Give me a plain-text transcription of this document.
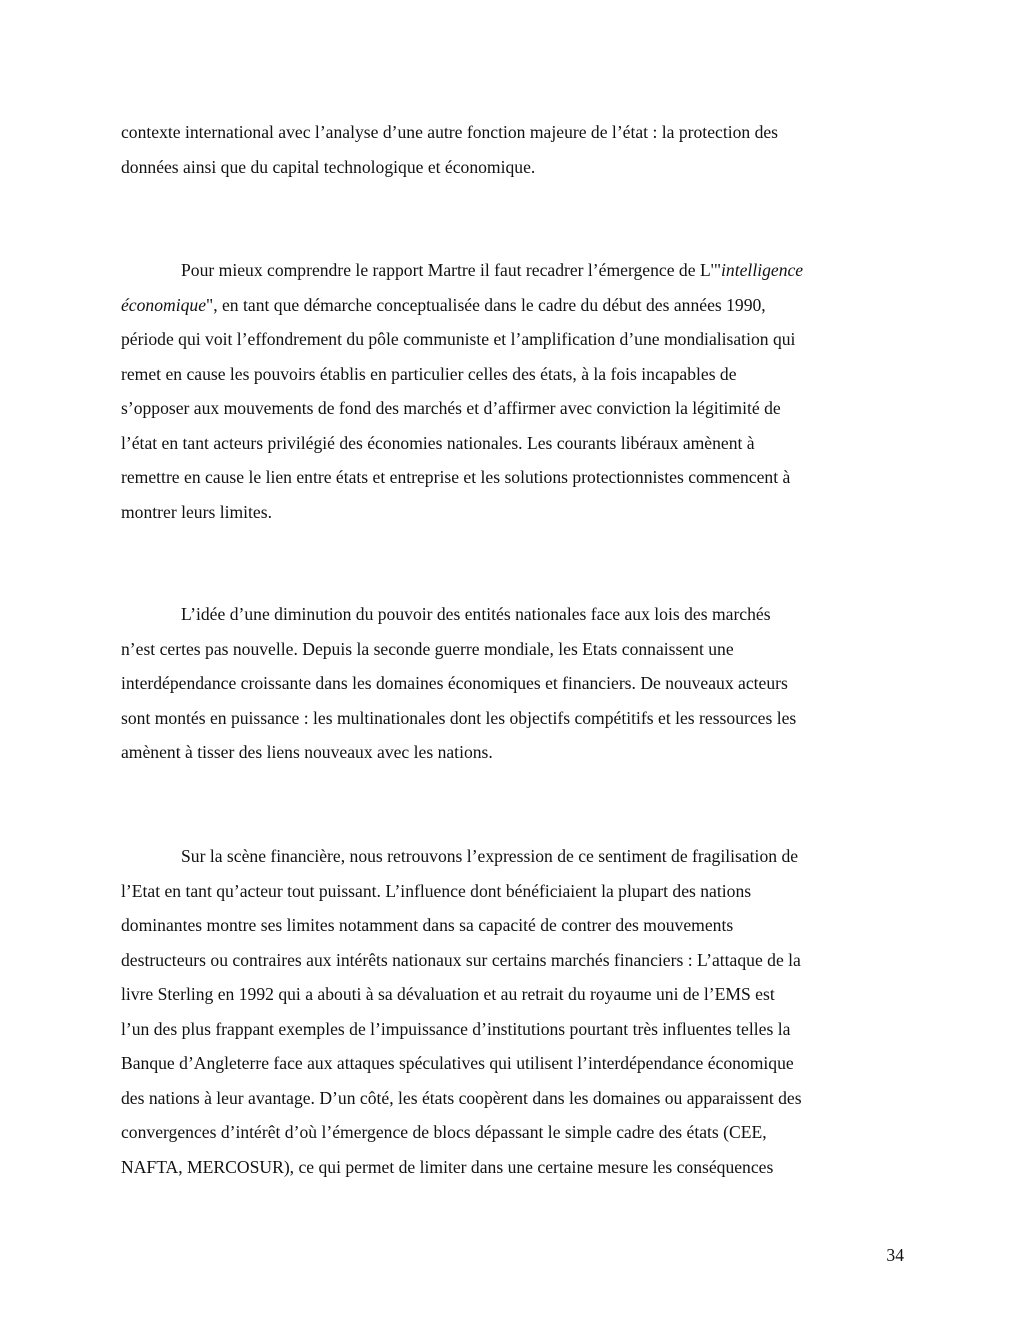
contexte international avec l’analyse d’une autre fonction majeure de l’état : la protection des
données ainsi que du capital technologique et économique.

Pour mieux comprendre le rapport Martre il faut recadrer l’émergence de L'"intelligence
économique", en tant que démarche conceptualisée dans le cadre du début des années 1990,
période qui voit l’effondrement du pôle communiste et l’amplification d’une mondialisation qui
remet en cause les pouvoirs établis en particulier celles des états, à la fois incapables de
s’opposer aux mouvements de fond des marchés et d’affirmer avec conviction la légitimité de
l’état en tant acteurs privilégié des économies nationales. Les courants libéraux amènent à
remettre en cause le lien entre états et entreprise et les solutions protectionnistes commencent à
montrer leurs limites.

L’idée d’une diminution du pouvoir des entités nationales face aux lois des marchés
n’est certes pas nouvelle. Depuis la seconde guerre mondiale, les Etats connaissent une
interdépendance croissante dans les domaines économiques et financiers. De nouveaux acteurs
sont montés en puissance : les multinationales dont les objectifs compétitifs et les ressources les
amènent à tisser des liens nouveaux avec les nations.

Sur la scène financière, nous retrouvons l’expression de ce sentiment de fragilisation de
l’Etat en tant qu’acteur tout puissant. L’influence dont bénéficiaient la plupart des nations
dominantes montre ses limites notamment dans sa capacité de contrer des mouvements
destructeurs ou contraires aux intérêts nationaux sur certains marchés financiers : L’attaque de la
livre Sterling en 1992 qui a abouti à sa dévaluation et au retrait du royaume uni de l’EMS est
l’un des plus frappant exemples de l’impuissance d’institutions pourtant très influentes telles la
Banque d’Angleterre face aux attaques spéculatives qui utilisent l’interdépendance économique
des nations à leur avantage. D’un côté, les états coopèrent dans les domaines ou apparaissent des
convergences d’intérêt d’où l’émergence de blocs dépassant le simple cadre des états (CEE,
NAFTA, MERCOSUR), ce qui permet de limiter dans une certaine mesure les conséquences

34
